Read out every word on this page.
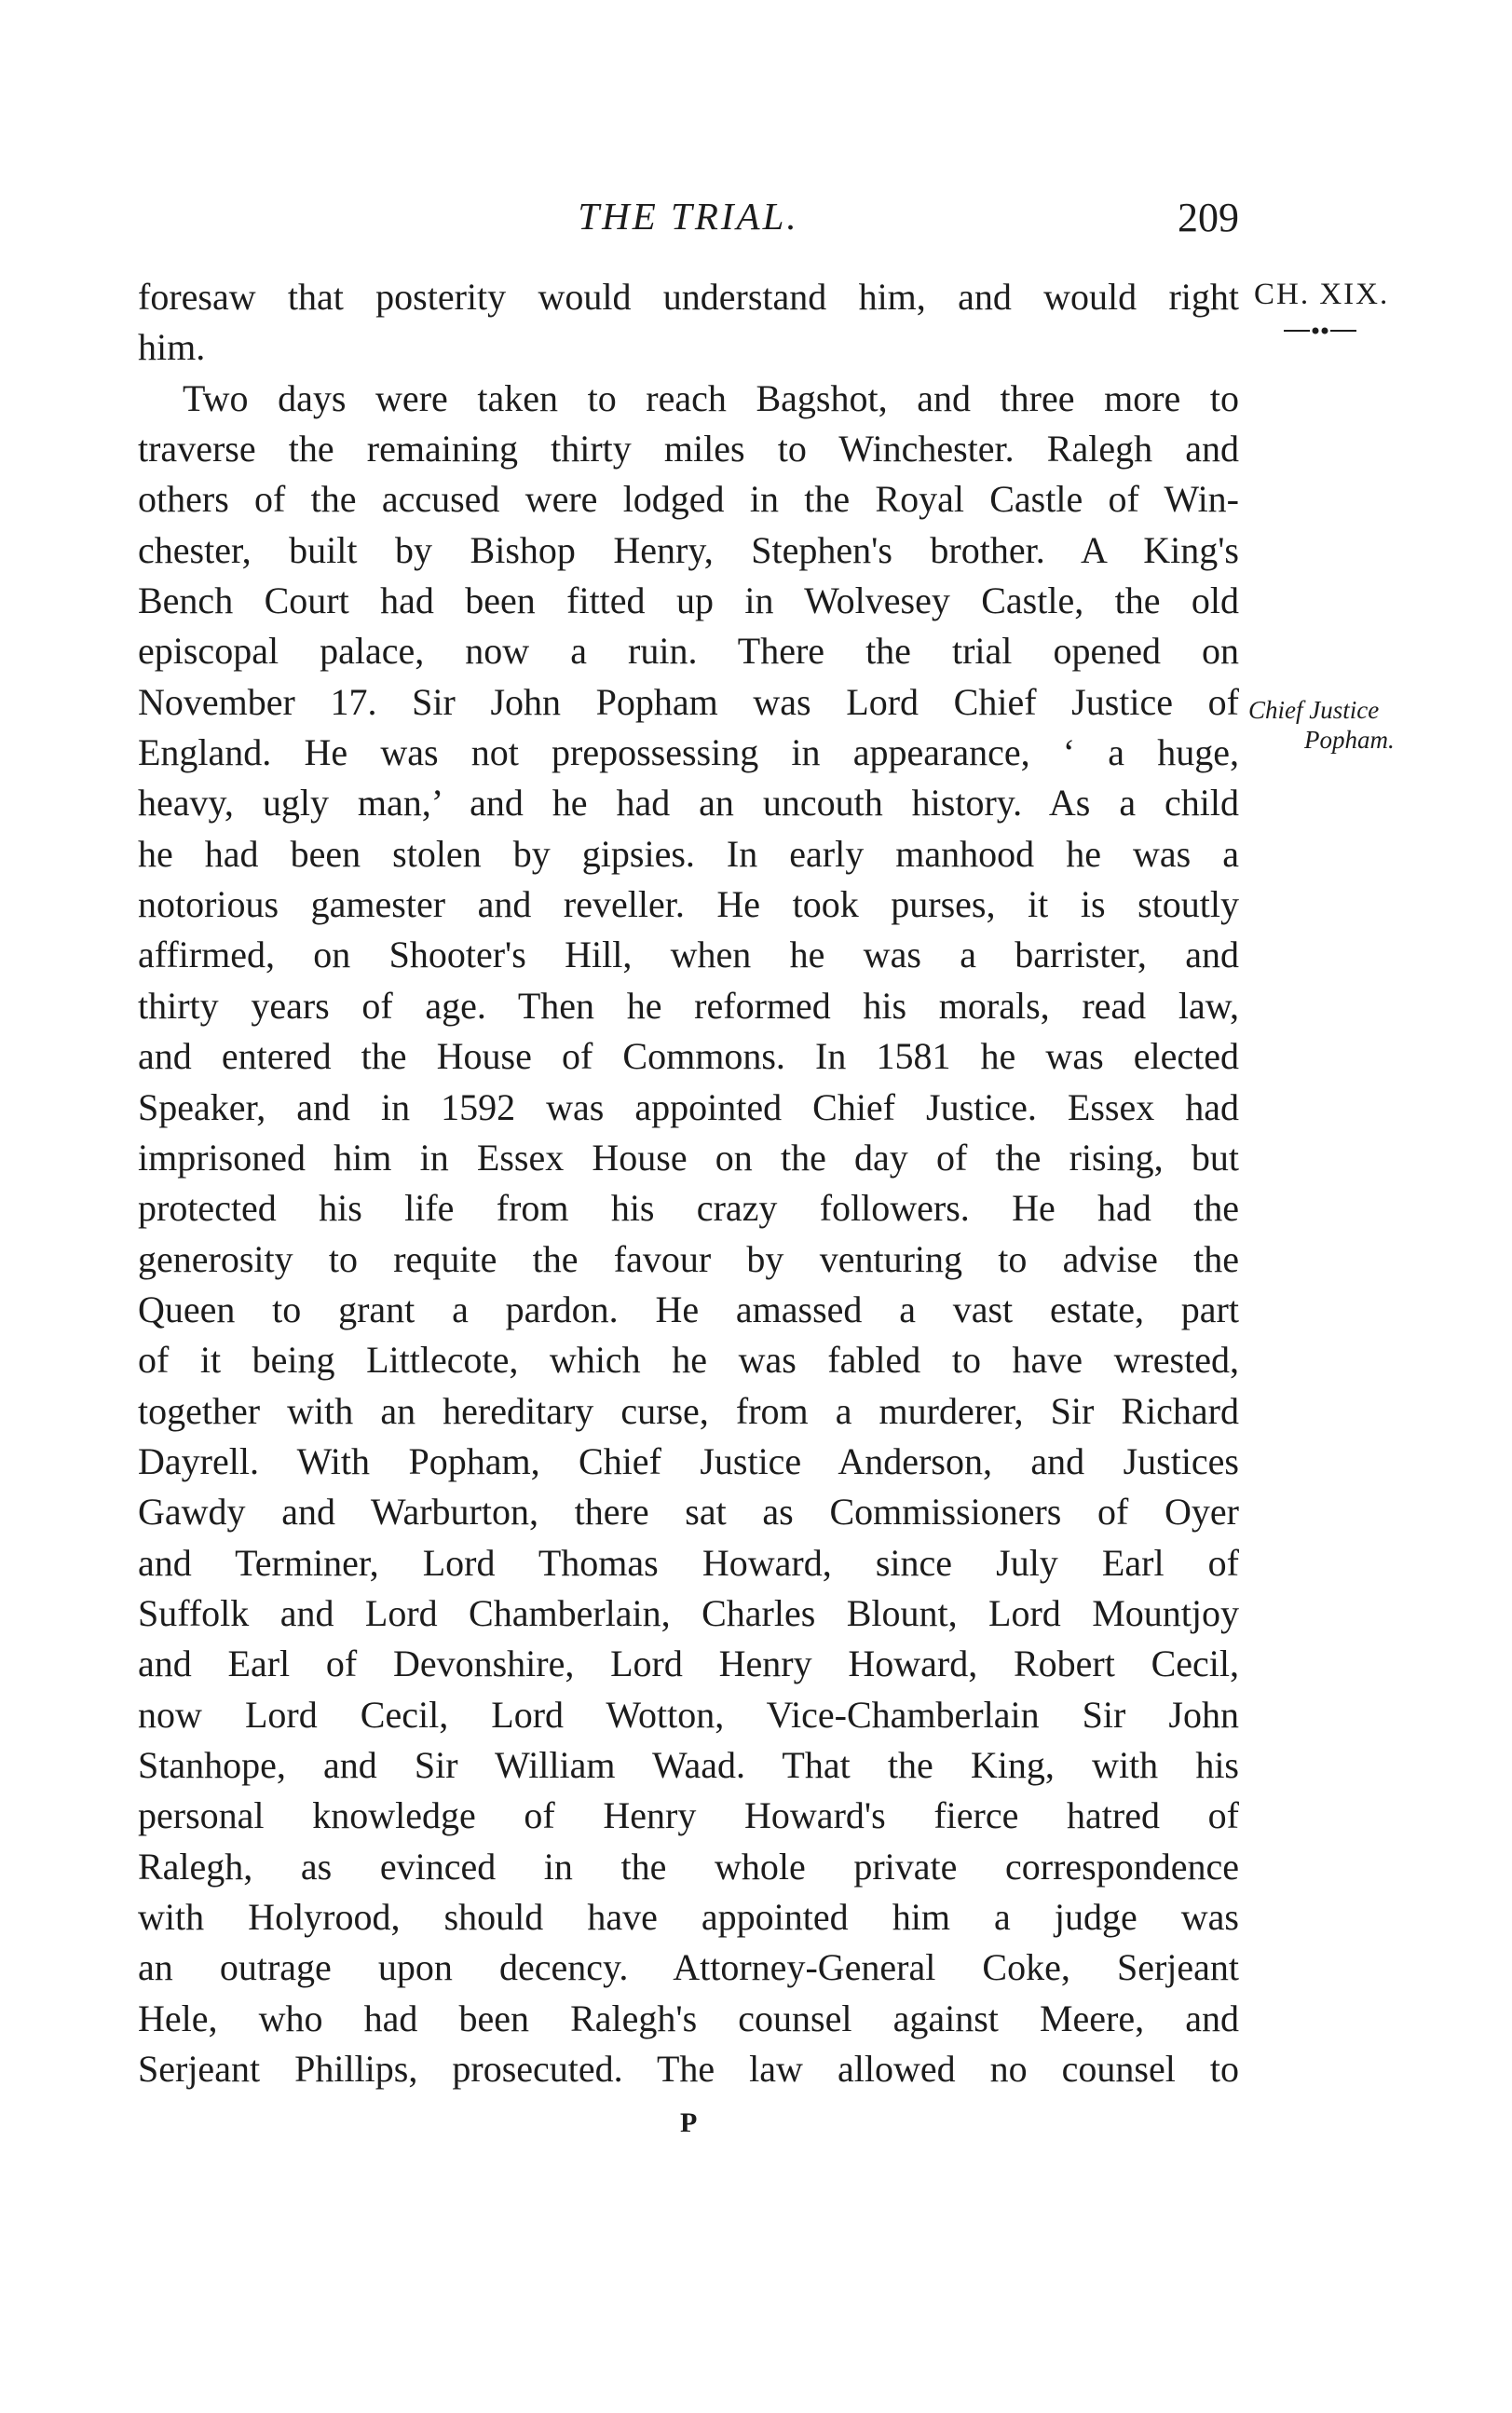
THE TRIAL.	209
CH. XIX.
Chief Justice
Popham.
foresaw that posterity would understand him, and would right
him.
Two days were taken to reach Bagshot, and three more to
traverse the remaining thirty miles to Winchester. Ralegh and
others of the accused were lodged in the Royal Castle of Win-
chester, built by Bishop Henry, Stephen's brother. A King's
Bench Court had been fitted up in Wolvesey Castle, the old
episcopal palace, now a ruin. There the trial opened on
November 17. Sir John Popham was Lord Chief Justice of
England. He was not prepossessing in appearance, ‘ a huge,
heavy, ugly man,’ and he had an uncouth history. As a child
he had been stolen by gipsies. In early manhood he was a
notorious gamester and reveller. He took purses, it is stoutly
affirmed, on Shooter's Hill, when he was a barrister, and
thirty years of age. Then he reformed his morals, read law,
and entered the House of Commons. In 1581 he was elected
Speaker, and in 1592 was appointed Chief Justice. Essex had
imprisoned him in Essex House on the day of the rising, but
protected his life from his crazy followers. He had the
generosity to requite the favour by venturing to advise the
Queen to grant a pardon. He amassed a vast estate, part
of it being Littlecote, which he was fabled to have wrested,
together with an hereditary curse, from a murderer, Sir Richard
Dayrell. With Popham, Chief Justice Anderson, and Justices
Gawdy and Warburton, there sat as Commissioners of Oyer
and Terminer, Lord Thomas Howard, since July Earl of
Suffolk and Lord Chamberlain, Charles Blount, Lord Mountjoy
and Earl of Devonshire, Lord Henry Howard, Robert Cecil,
now Lord Cecil, Lord Wotton, Vice-Chamberlain Sir John
Stanhope, and Sir William Waad. That the King, with his
personal knowledge of Henry Howard's fierce hatred of
Ralegh, as evinced in the whole private correspondence
with Holyrood, should have appointed him a judge was
an outrage upon decency. Attorney-General Coke, Serjeant
Hele, who had been Ralegh's counsel against Meere, and
Serjeant Phillips, prosecuted. The law allowed no counsel to
P
